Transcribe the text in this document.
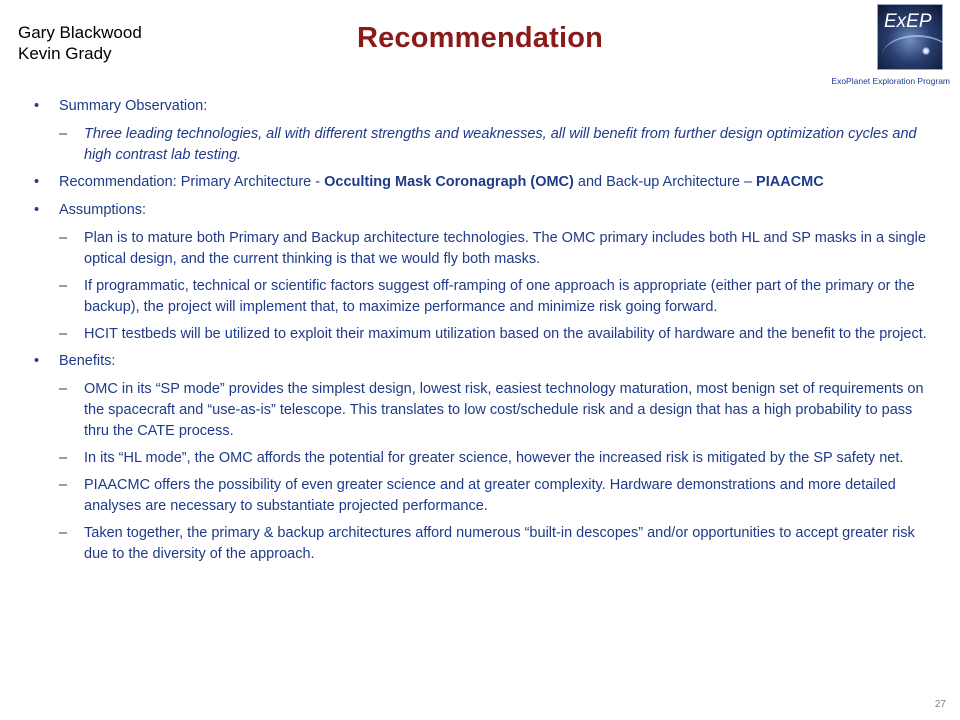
Gary Blackwood
Kevin Grady	Recommendation
ExEP
ExoPlanet Exploration Program
• Summary Observation:
– Three leading technologies, all with different strengths and weaknesses, all will benefit from further design optimization cycles and high contrast lab testing.
• Recommendation: Primary Architecture - Occulting Mask Coronagraph (OMC) and Back-up Architecture – PIAACMC
• Assumptions:
– Plan is to mature both Primary and Backup architecture technologies. The OMC primary includes both HL and SP masks in a single optical design, and the current thinking is that we would fly both masks.
– If programmatic, technical or scientific factors suggest off-ramping of one approach is appropriate (either part of the primary or the backup), the project will implement that, to maximize performance and minimize risk going forward.
– HCIT testbeds will be utilized to exploit their maximum utilization based on the availability of hardware and the benefit to the project.
• Benefits:
– OMC in its “SP mode” provides the simplest design, lowest risk, easiest technology maturation, most benign set of requirements on the spacecraft and “use-as-is” telescope. This translates to low cost/schedule risk and a design that has a high probability to pass thru the CATE process.
– In its “HL mode”, the OMC affords the potential for greater science, however the increased risk is mitigated by the SP safety net.
– PIAACMC offers the possibility of even greater science and at greater complexity. Hardware demonstrations and more detailed analyses are necessary to substantiate projected performance.
– Taken together, the primary & backup architectures afford numerous “built-in descopes” and/or opportunities to accept greater risk due to the diversity of the approach.
27
